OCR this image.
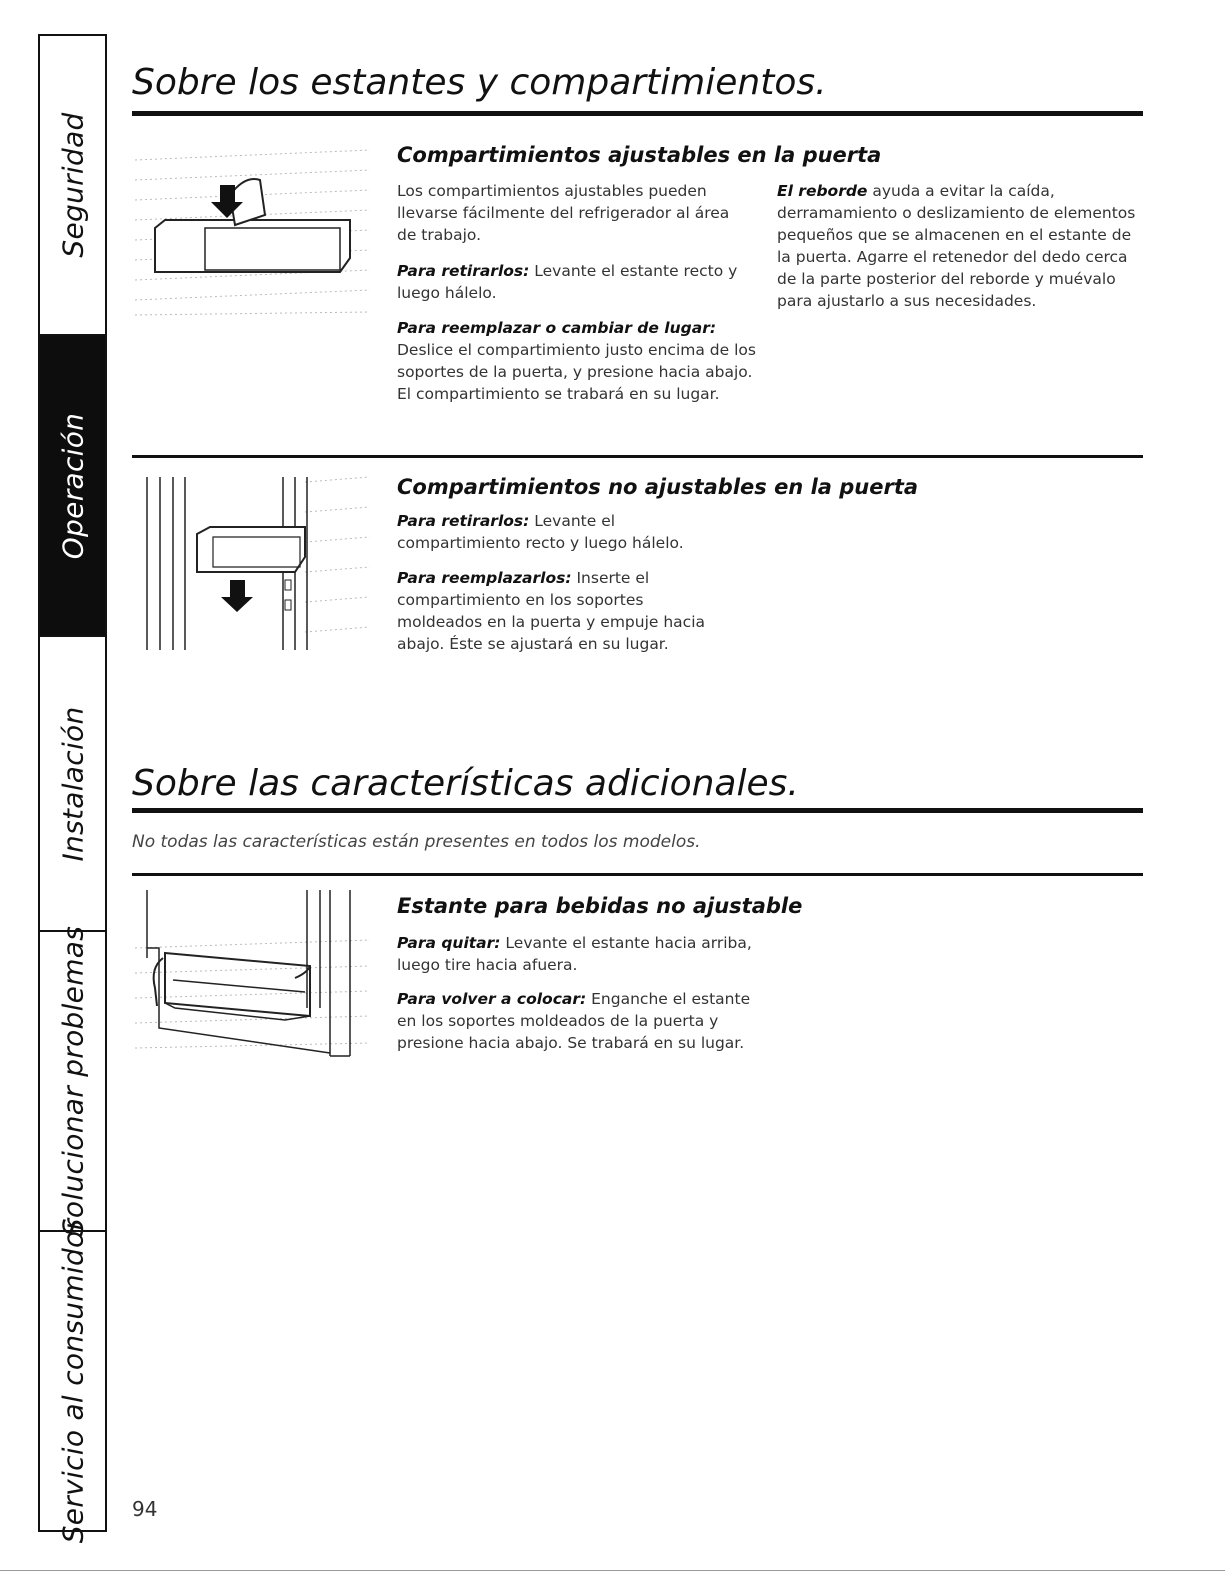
Seguridad
Operación
Instalación
Solucionar problemas
Servicio al consumidor
Sobre los estantes y compartimientos.
Compartimientos ajustables en la puerta

Los compartimientos ajustables pueden llevarse fácilmente del refrigerador al área de trabajo.

Para retirarlos: Levante el estante recto y luego hálelo.

Para reemplazar o cambiar de lugar: Deslice el compartimiento justo encima de los soportes de la puerta, y presione hacia abajo. El compartimiento se trabará en su lugar.

El reborde ayuda a evitar la caída, derramamiento o deslizamiento de elementos pequeños que se almacenen en el estante de la puerta. Agarre el retenedor del dedo cerca de la parte posterior del reborde y muévalo para ajustarlo a sus necesidades.

Compartimientos no ajustables en la puerta

Para retirarlos: Levante el compartimiento recto y luego hálelo.

Para reemplazarlos: Inserte el compartimiento en los soportes moldeados en la puerta y empuje hacia abajo. Éste se ajustará en su lugar.

Sobre las características adicionales.

No todas las características están presentes en todos los modelos.

Estante para bebidas no ajustable

Para quitar: Levante el estante hacia arriba, luego tire hacia afuera.

Para volver a colocar: Enganche el estante en los soportes moldeados de la puerta y presione hacia abajo. Se trabará en su lugar.

94
